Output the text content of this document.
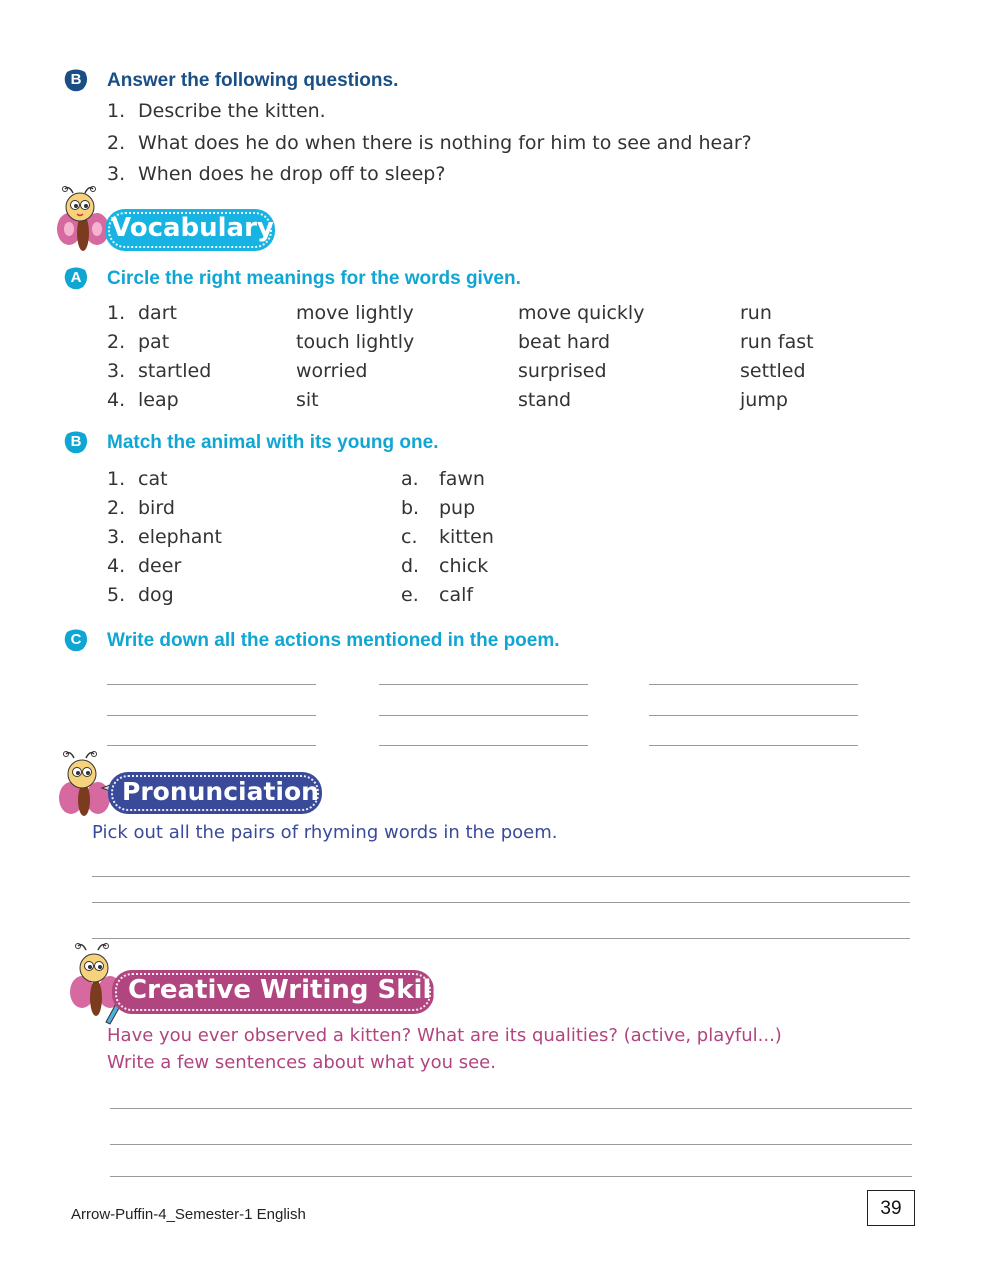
B	Answer the following questions.
1. Describe the kitten.
2. What does he do when there is nothing for him to see and hear?
3. When does he drop off to sleep?
Vocabulary
A	Circle the right meanings for the words given.
1. dart	move lightly	move quickly	run
2. pat	touch lightly	beat hard	run fast
3. startled	worried	surprised	settled
4. leap	sit	stand	jump
B	Match the animal with its young one.
1. cat	a. fawn
2. bird	b. pup
3. elephant	c. kitten
4. deer	d. chick
5. dog	e. calf
C	Write down all the actions mentioned in the poem.
Pronunciation
Pick out all the pairs of rhyming words in the poem.
Creative Writing Skills
Have you ever observed a kitten? What are its qualities? (active, playful...)
Write a few sentences about what you see.
Arrow-Puffin-4_Semester-1 English	39
